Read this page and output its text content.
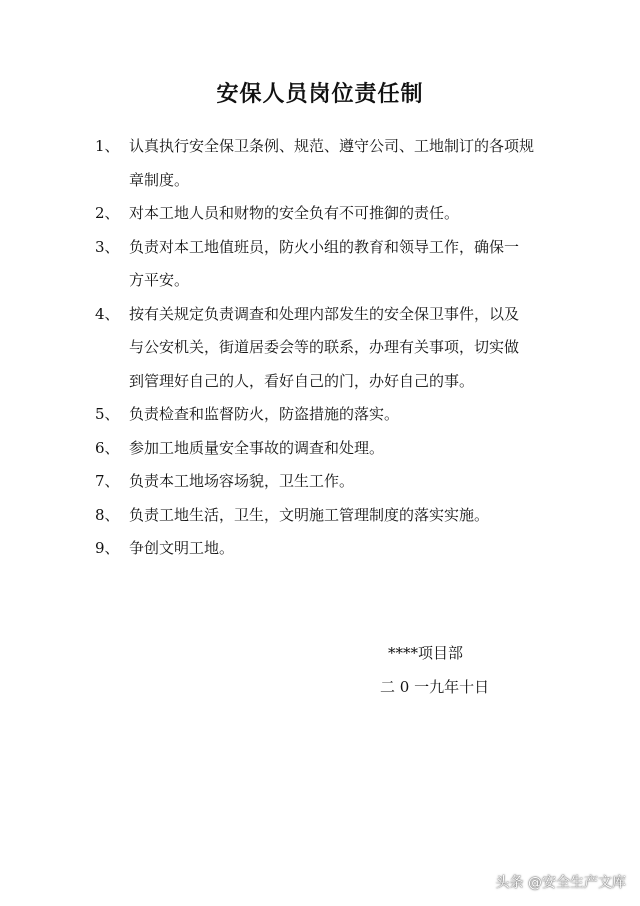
安保人员岗位责任制
1、 认真执行安全保卫条例、规范、遵守公司、工地制订的各项规
章制度。
2、 对本工地人员和财物的安全负有不可推御的责任。
3、 负责对本工地值班员，防火小组的教育和领导工作，确保一
方平安。
4、 按有关规定负责调查和处理内部发生的安全保卫事件，以及
与公安机关，街道居委会等的联系，办理有关事项，切实做
到管理好自己的人，看好自己的门，办好自己的事。
5、 负责检查和监督防火，防盗措施的落实。
6、 参加工地质量安全事故的调查和处理。
7、 负责本工地场容场貌，卫生工作。
8、 负责工地生活，卫生，文明施工管理制度的落实实施。
9、 争创文明工地。
****项目部
二 0 一九年十日
头条 @安全生产文库
